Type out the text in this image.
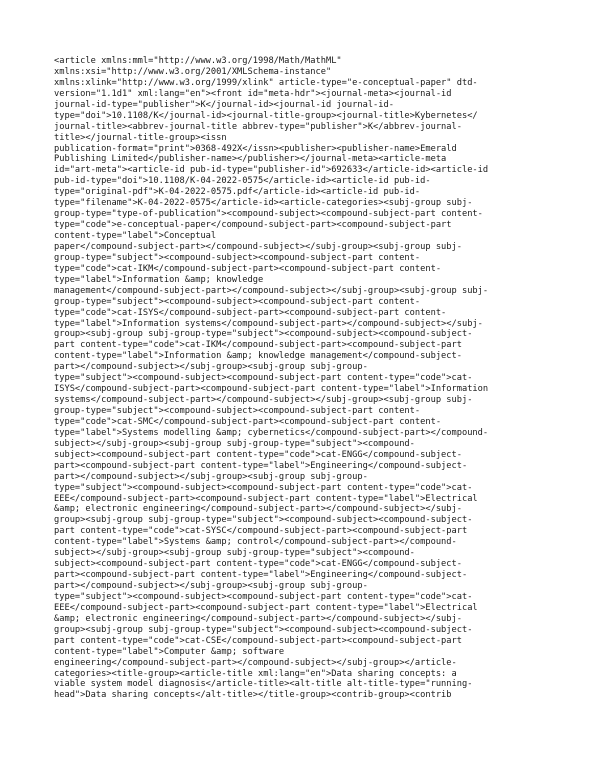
<article xmlns:mml="http://www.w3.org/1998/Math/MathML"
xmlns:xsi="http://www.w3.org/2001/XMLSchema-instance"
xmlns:xlink="http://www.w3.org/1999/xlink" article-type="e-conceptual-paper" dtd-
version="1.1d1" xml:lang="en"><front id="meta-hdr"><journal-meta><journal-id
journal-id-type="publisher">K</journal-id><journal-id journal-id-
type="doi">10.1108/K</journal-id><journal-title-group><journal-title>Kybernetes</
journal-title><abbrev-journal-title abbrev-type="publisher">K</abbrev-journal-
title></journal-title-group><issn
publication-format="print">0368-492X</issn><publisher><publisher-name>Emerald
Publishing Limited</publisher-name></publisher></journal-meta><article-meta
id="art-meta"><article-id pub-id-type="publisher-id">692633</article-id><article-id
pub-id-type="doi">10.1108/K-04-2022-0575</article-id><article-id pub-id-
type="original-pdf">K-04-2022-0575.pdf</article-id><article-id pub-id-
type="filename">K-04-2022-0575</article-id><article-categories><subj-group subj-
group-type="type-of-publication"><compound-subject><compound-subject-part content-
type="code">e-conceptual-paper</compound-subject-part><compound-subject-part
content-type="label">Conceptual
paper</compound-subject-part></compound-subject></subj-group><subj-group subj-
group-type="subject"><compound-subject><compound-subject-part content-
type="code">cat-IKM</compound-subject-part><compound-subject-part content-
type="label">Information &amp; knowledge
management</compound-subject-part></compound-subject></subj-group><subj-group subj-
group-type="subject"><compound-subject><compound-subject-part content-
type="code">cat-ISYS</compound-subject-part><compound-subject-part content-
type="label">Information systems</compound-subject-part></compound-subject></subj-
group><subj-group subj-group-type="subject"><compound-subject><compound-subject-
part content-type="code">cat-IKM</compound-subject-part><compound-subject-part
content-type="label">Information &amp; knowledge management</compound-subject-
part></compound-subject></subj-group><subj-group subj-group-
type="subject"><compound-subject><compound-subject-part content-type="code">cat-
ISYS</compound-subject-part><compound-subject-part content-type="label">Information
systems</compound-subject-part></compound-subject></subj-group><subj-group subj-
group-type="subject"><compound-subject><compound-subject-part content-
type="code">cat-SMC</compound-subject-part><compound-subject-part content-
type="label">Systems modelling &amp; cybernetics</compound-subject-part></compound-
subject></subj-group><subj-group subj-group-type="subject"><compound-
subject><compound-subject-part content-type="code">cat-ENGG</compound-subject-
part><compound-subject-part content-type="label">Engineering</compound-subject-
part></compound-subject></subj-group><subj-group subj-group-
type="subject"><compound-subject><compound-subject-part content-type="code">cat-
EEE</compound-subject-part><compound-subject-part content-type="label">Electrical
&amp; electronic engineering</compound-subject-part></compound-subject></subj-
group><subj-group subj-group-type="subject"><compound-subject><compound-subject-
part content-type="code">cat-SYSC</compound-subject-part><compound-subject-part
content-type="label">Systems &amp; control</compound-subject-part></compound-
subject></subj-group><subj-group subj-group-type="subject"><compound-
subject><compound-subject-part content-type="code">cat-ENGG</compound-subject-
part><compound-subject-part content-type="label">Engineering</compound-subject-
part></compound-subject></subj-group><subj-group subj-group-
type="subject"><compound-subject><compound-subject-part content-type="code">cat-
EEE</compound-subject-part><compound-subject-part content-type="label">Electrical
&amp; electronic engineering</compound-subject-part></compound-subject></subj-
group><subj-group subj-group-type="subject"><compound-subject><compound-subject-
part content-type="code">cat-CSE</compound-subject-part><compound-subject-part
content-type="label">Computer &amp; software
engineering</compound-subject-part></compound-subject></subj-group></article-
categories><title-group><article-title xml:lang="en">Data sharing concepts: a
viable system model diagnosis</article-title><alt-title alt-title-type="running-
head">Data sharing concepts</alt-title></title-group><contrib-group><contrib
